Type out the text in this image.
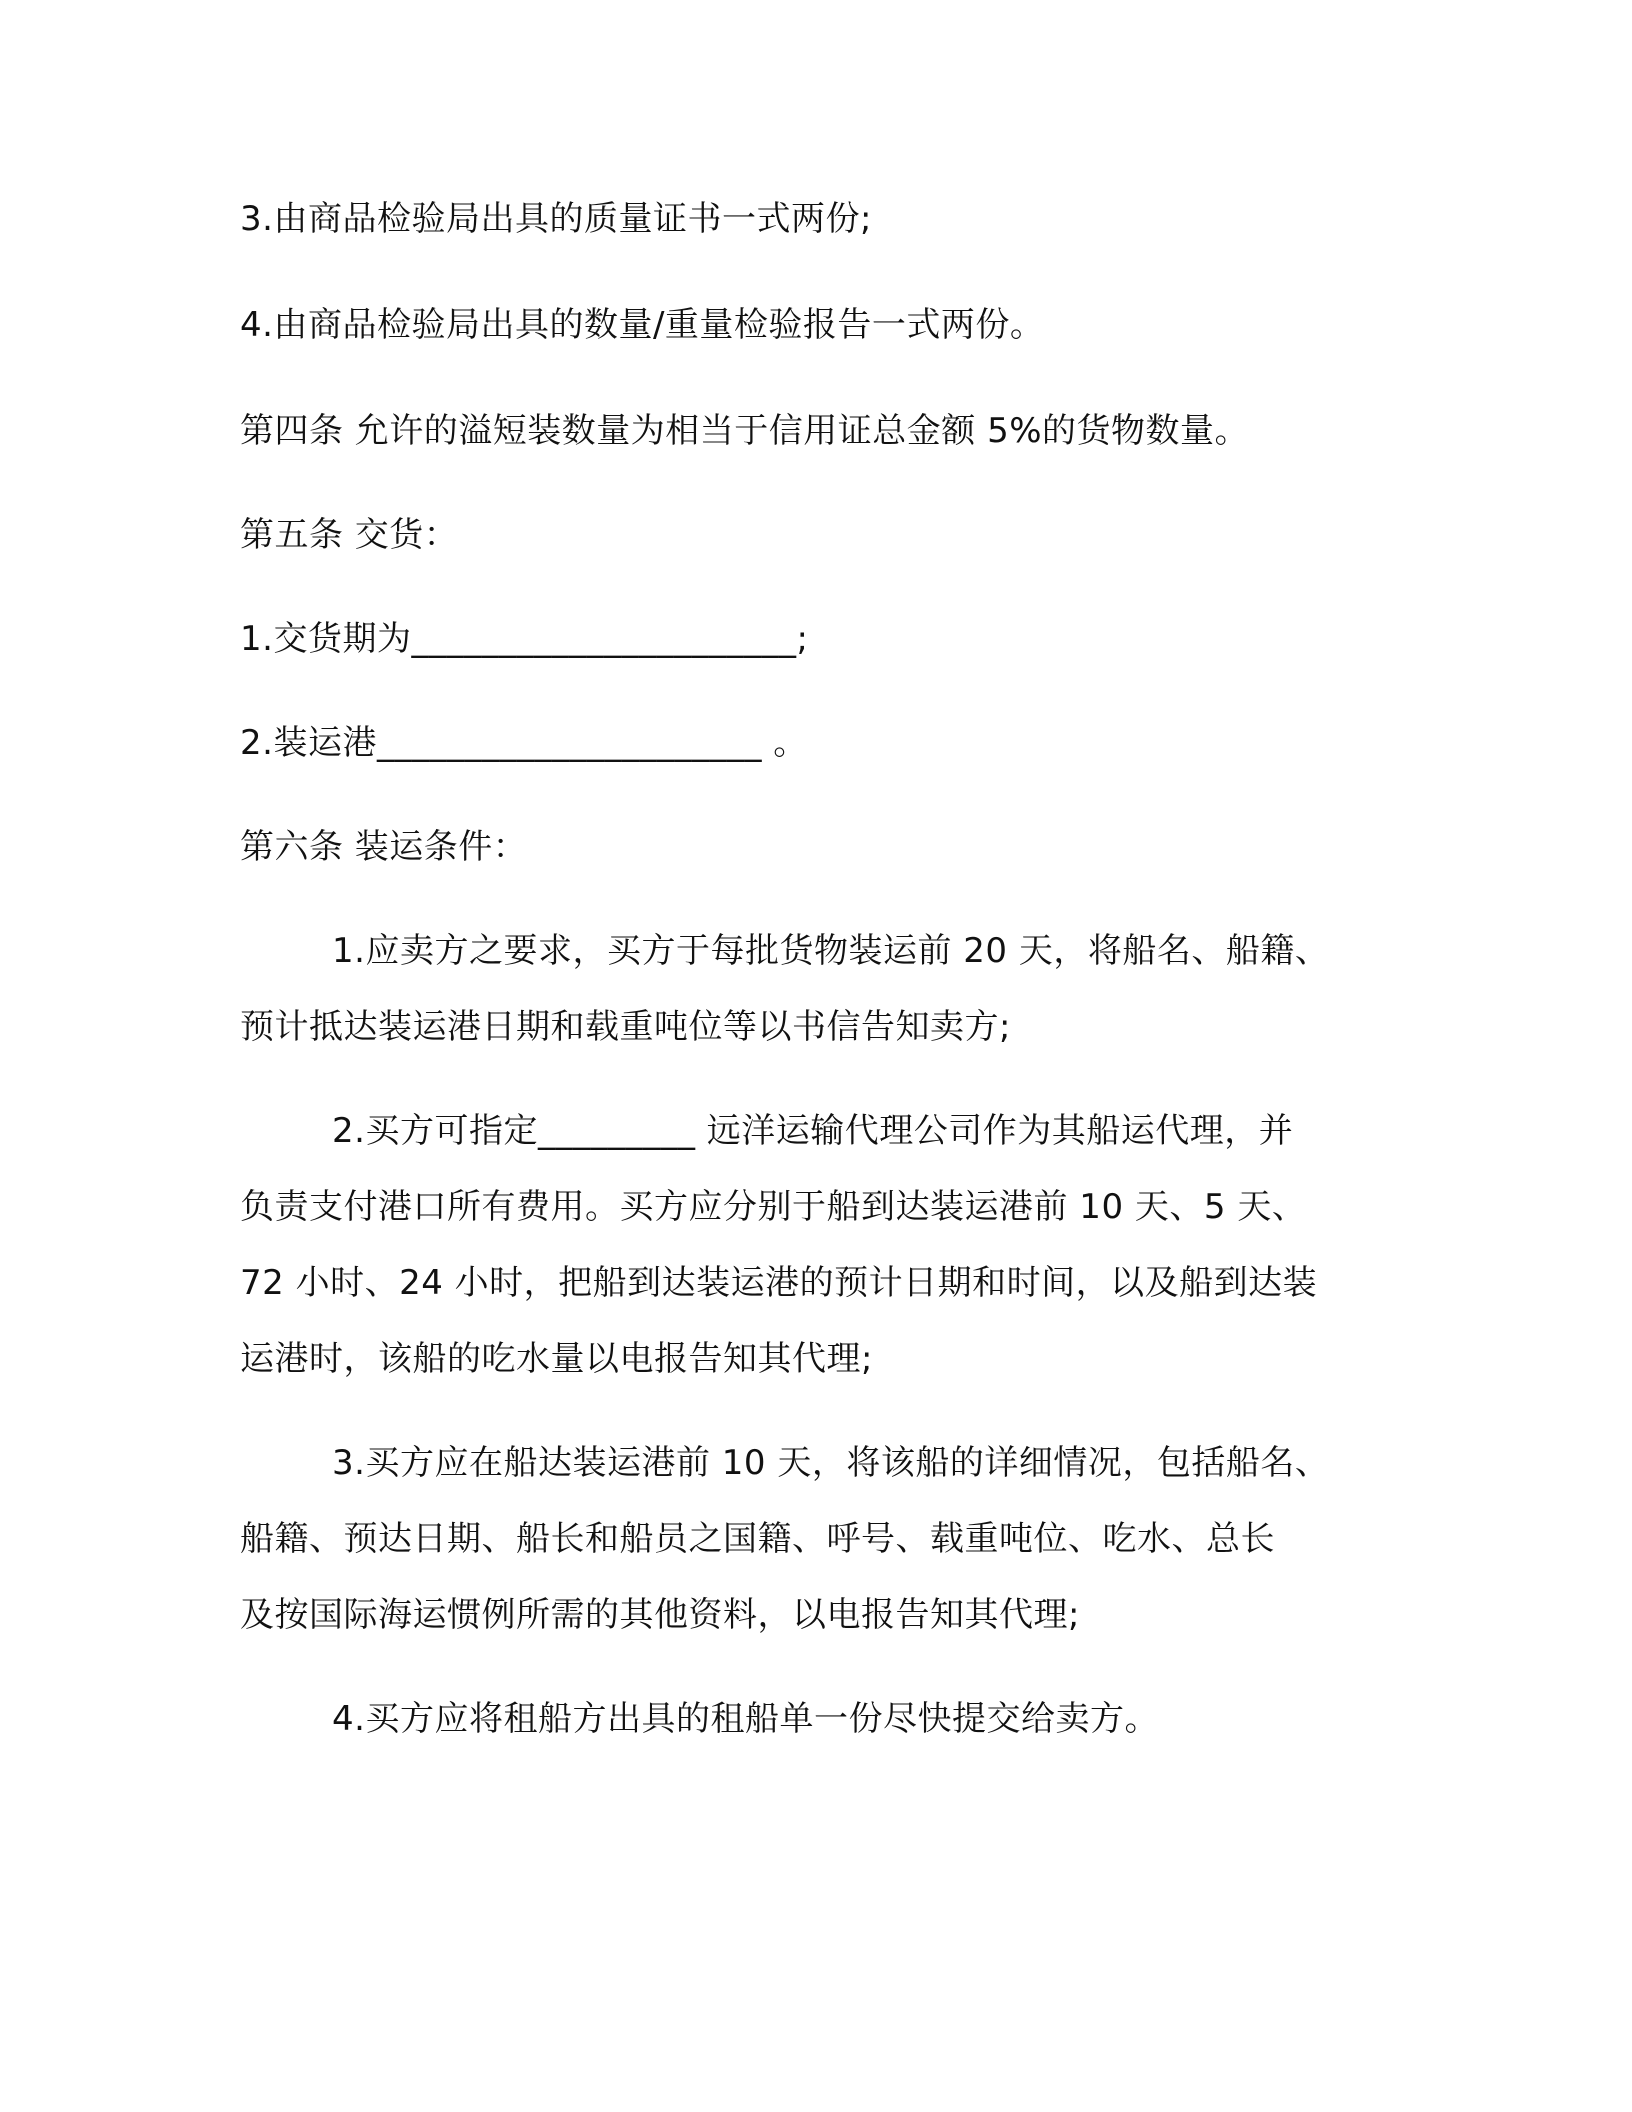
3.由商品检验局出具的质量证书一式两份;
4.由商品检验局出具的数量/重量检验报告一式两份。
第四条 允许的溢短装数量为相当于信用证总金额 5%的货物数量。
第五条 交货：
1.交货期为______________________;
2.装运港______________________ 。
第六条 装运条件：
1.应卖方之要求，买方于每批货物装运前 20 天，将船名、船籍、
预计抵达装运港日期和载重吨位等以书信告知卖方;
2.买方可指定_________ 远洋运输代理公司作为其船运代理，并
负责支付港口所有费用。买方应分别于船到达装运港前 10 天、5 天、
72 小时、24 小时，把船到达装运港的预计日期和时间，以及船到达装
运港时，该船的吃水量以电报告知其代理;
3.买方应在船达装运港前 10 天，将该船的详细情况，包括船名、
船籍、预达日期、船长和船员之国籍、呼号、载重吨位、吃水、总长
及按国际海运惯例所需的其他资料，以电报告知其代理;
4.买方应将租船方出具的租船单一份尽快提交给卖方。
